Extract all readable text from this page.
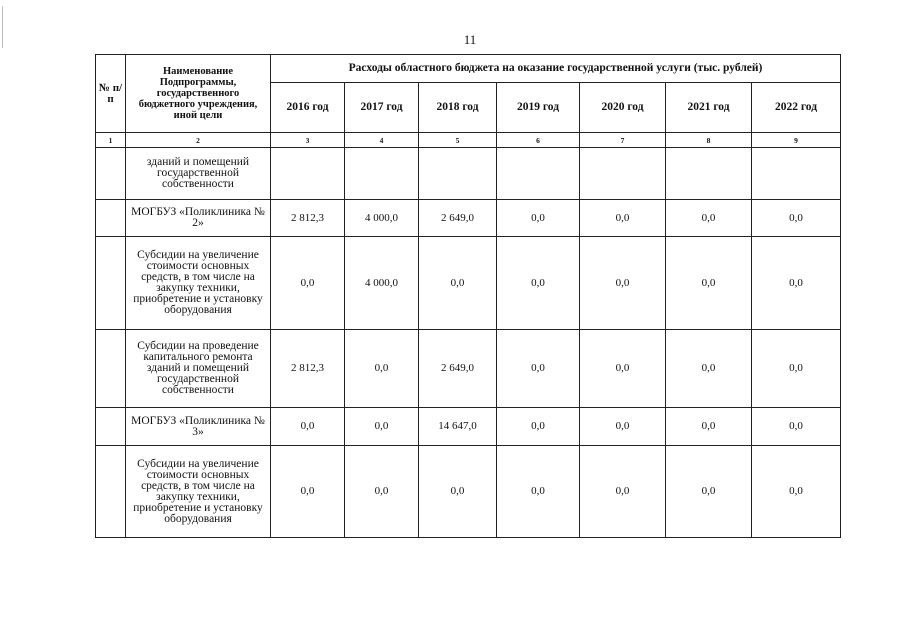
11
№ п/п	Наименование Подпрограммы, государственного бюджетного учреждения, иной цели	Расходы областного бюджета на оказание государственной услуги (тыс. рублей)						
		2016 год	2017 год	2018 год	2019 год	2020 год	2021 год	2022 год
1	2	3	4	5	6	7	8	9
	зданий и помещений государственной собственности							
	МОГБУЗ «Поликлиника № 2»	2 812,3	4 000,0	2 649,0	0,0	0,0	0,0	0,0
	Субсидии на увеличение стоимости основных средств, в том числе на закупку техники, приобретение и установку оборудования	0,0	4 000,0	0,0	0,0	0,0	0,0	0,0
	Субсидии на проведение капитального ремонта зданий и помещений государственной собственности	2 812,3	0,0	2 649,0	0,0	0,0	0,0	0,0
	МОГБУЗ «Поликлиника № 3»	0,0	0,0	14 647,0	0,0	0,0	0,0	0,0
	Субсидии на увеличение стоимости основных средств, в том числе на закупку техники, приобретение и установку оборудования	0,0	0,0	0,0	0,0	0,0	0,0	0,0
